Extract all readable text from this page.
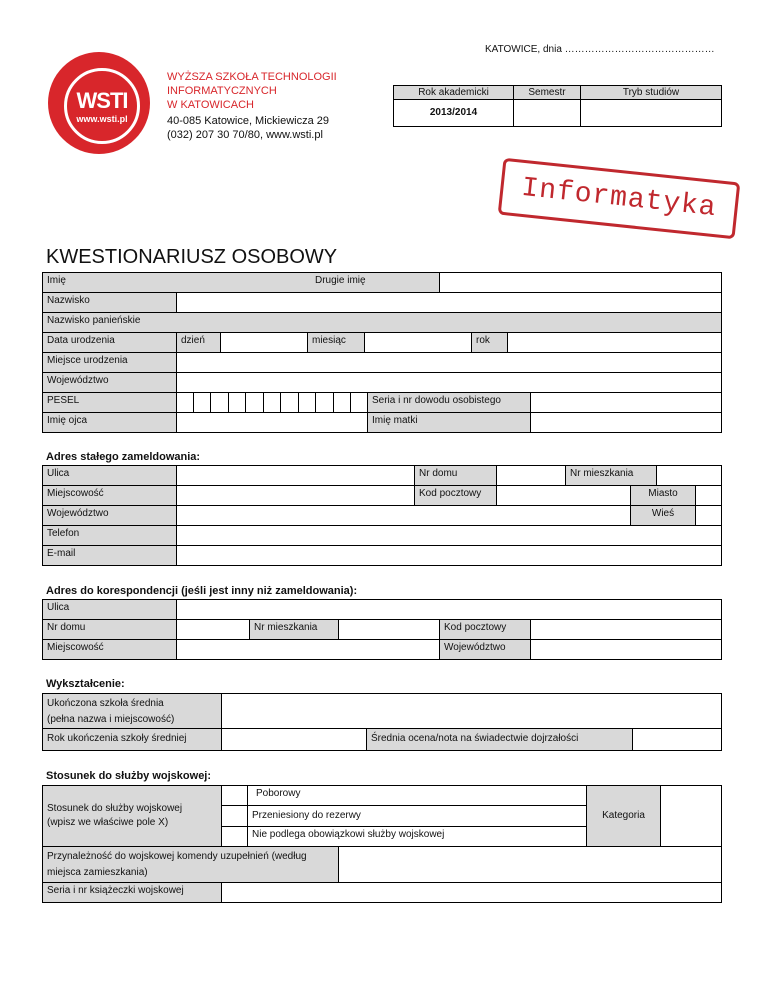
KATOWICE, dnia ………………………………………
WSTI
www.wsti.pl
WYŻSZA SZKOŁA TECHNOLOGII
INFORMATYCZNYCH
W KATOWICACH
40-085 Katowice, Mickiewicza 29
(032) 207 30 70/80, www.wsti.pl
Rok akademicki	Semestr	Tryb studiów
2013/2014
Informatyka
KWESTIONARIUSZ OSOBOWY
Imię	Drugie imię
Nazwisko
Nazwisko panieńskie
Data urodzenia	dzień	miesiąc	rok
Miejsce urodzenia
Województwo
PESEL	Seria i nr dowodu osobistego
Imię ojca	Imię matki
Adres stałego zameldowania:
Ulica	Nr domu	Nr mieszkania
Miejscowość	Kod pocztowy	Miasto
Województwo	Wieś
Telefon
E-mail
Adres do korespondencji (jeśli jest inny niż zameldowania):
Ulica
Nr domu	Nr mieszkania	Kod pocztowy
Miejscowość	Województwo
Wykształcenie:
Ukończona szkoła średnia
(pełna nazwa i miejscowość)
Rok ukończenia szkoły średniej	Średnia ocena/nota na świadectwie dojrzałości
Stosunek do służby wojskowej:
Stosunek do służby wojskowej
(wpisz we właściwe pole X)
Poborowy
Przeniesiony do rezerwy
Nie podlega obowiązkowi służby wojskowej
Kategoria
Przynależność do wojskowej komendy uzupełnień (według
miejsca zamieszkania)
Seria i nr książeczki wojskowej
